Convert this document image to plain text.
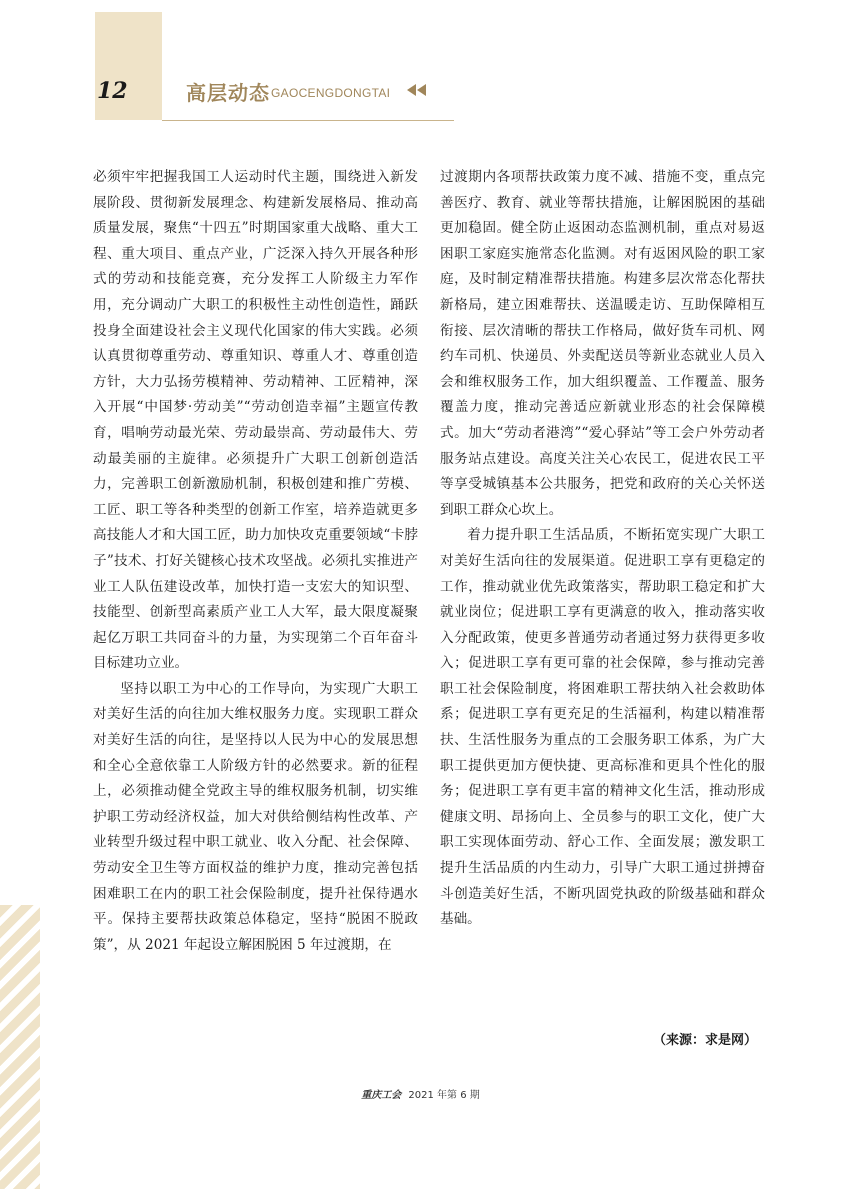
12	高层动态 GAOCENGDONGTAI

必须牢牢把握我国工人运动时代主题，围绕进入新发展阶段、贯彻新发展理念、构建新发展格局、推动高质量发展，聚焦“十四五”时期国家重大战略、重大工程、重大项目、重点产业，广泛深入持久开展各种形式的劳动和技能竞赛，充分发挥工人阶级主力军作用，充分调动广大职工的积极性主动性创造性，踊跃投身全面建设社会主义现代化国家的伟大实践。必须认真贯彻尊重劳动、尊重知识、尊重人才、尊重创造方针，大力弘扬劳模精神、劳动精神、工匠精神，深入开展“中国梦·劳动美”“劳动创造幸福”主题宣传教育，唱响劳动最光荣、劳动最崇高、劳动最伟大、劳动最美丽的主旋律。必须提升广大职工创新创造活力，完善职工创新激励机制，积极创建和推广劳模、工匠、职工等各种类型的创新工作室，培养造就更多高技能人才和大国工匠，助力加快攻克重要领域“卡脖子”技术、打好关键核心技术攻坚战。必须扎实推进产业工人队伍建设改革，加快打造一支宏大的知识型、技能型、创新型高素质产业工人大军，最大限度凝聚起亿万职工共同奋斗的力量，为实现第二个百年奋斗目标建功立业。

坚持以职工为中心的工作导向，为实现广大职工对美好生活的向往加大维权服务力度。实现职工群众对美好生活的向往，是坚持以人民为中心的发展思想和全心全意依靠工人阶级方针的必然要求。新的征程上，必须推动健全党政主导的维权服务机制，切实维护职工劳动经济权益，加大对供给侧结构性改革、产业转型升级过程中职工就业、收入分配、社会保障、劳动安全卫生等方面权益的维护力度，推动完善包括困难职工在内的职工社会保险制度，提升社保待遇水平。保持主要帮扶政策总体稳定，坚持“脱困不脱政策”，从 2021 年起设立解困脱困 5 年过渡期，在

过渡期内各项帮扶政策力度不减、措施不变，重点完善医疗、教育、就业等帮扶措施，让解困脱困的基础更加稳固。健全防止返困动态监测机制，重点对易返困职工家庭实施常态化监测。对有返困风险的职工家庭，及时制定精准帮扶措施。构建多层次常态化帮扶新格局，建立困难帮扶、送温暖走访、互助保障相互衔接、层次清晰的帮扶工作格局，做好货车司机、网约车司机、快递员、外卖配送员等新业态就业人员入会和维权服务工作，加大组织覆盖、工作覆盖、服务覆盖力度，推动完善适应新就业形态的社会保障模式。加大“劳动者港湾”“爱心驿站”等工会户外劳动者服务站点建设。高度关注关心农民工，促进农民工平等享受城镇基本公共服务，把党和政府的关心关怀送到职工群众心坎上。

着力提升职工生活品质，不断拓宽实现广大职工对美好生活向往的发展渠道。促进职工享有更稳定的工作，推动就业优先政策落实，帮助职工稳定和扩大就业岗位；促进职工享有更满意的收入，推动落实收入分配政策，使更多普通劳动者通过努力获得更多收入；促进职工享有更可靠的社会保障，参与推动完善职工社会保险制度，将困难职工帮扶纳入社会救助体系；促进职工享有更充足的生活福利，构建以精准帮扶、生活性服务为重点的工会服务职工体系，为广大职工提供更加方便快捷、更高标准和更具个性化的服务；促进职工享有更丰富的精神文化生活，推动形成健康文明、昂扬向上、全员参与的职工文化，使广大职工实现体面劳动、舒心工作、全面发展；激发职工提升生活品质的内生动力，引导广大职工通过拼搏奋斗创造美好生活，不断巩固党执政的阶级基础和群众基础。

（来源：求是网）
重庆工会 2021 年第 6 期
